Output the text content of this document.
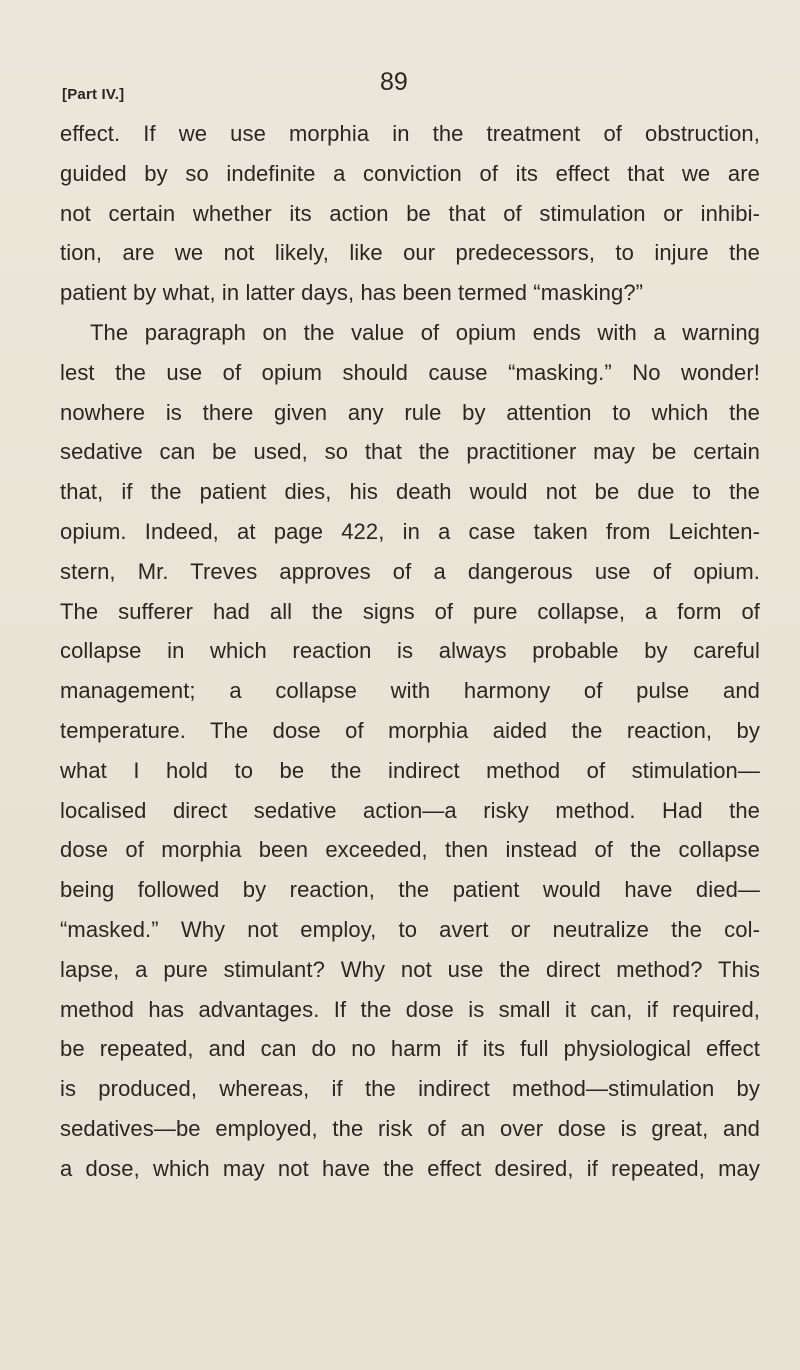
[Part IV.]	89
effect. If we use morphia in the treatment of obstruction,
guided by so indefinite a conviction of its effect that we are
not certain whether its action be that of stimulation or inhibi-
tion, are we not likely, like our predecessors, to injure the
patient by what, in latter days, has been termed “masking?”
The paragraph on the value of opium ends with a warning
lest the use of opium should cause “masking.” No wonder!
nowhere is there given any rule by attention to which the
sedative can be used, so that the practitioner may be certain
that, if the patient dies, his death would not be due to the
opium. Indeed, at page 422, in a case taken from Leichten-
stern, Mr. Treves approves of a dangerous use of opium.
The sufferer had all the signs of pure collapse, a form of
collapse in which reaction is always probable by careful
management; a collapse with harmony of pulse and
temperature. The dose of morphia aided the reaction, by
what I hold to be the indirect method of stimulation—
localised direct sedative action—a risky method. Had the
dose of morphia been exceeded, then instead of the collapse
being followed by reaction, the patient would have died—
“masked.” Why not employ, to avert or neutralize the col-
lapse, a pure stimulant? Why not use the direct method? This
method has advantages. If the dose is small it can, if required,
be repeated, and can do no harm if its full physiological effect
is produced, whereas, if the indirect method—stimulation by
sedatives—be employed, the risk of an over dose is great, and
a dose, which may not have the effect desired, if repeated, may
